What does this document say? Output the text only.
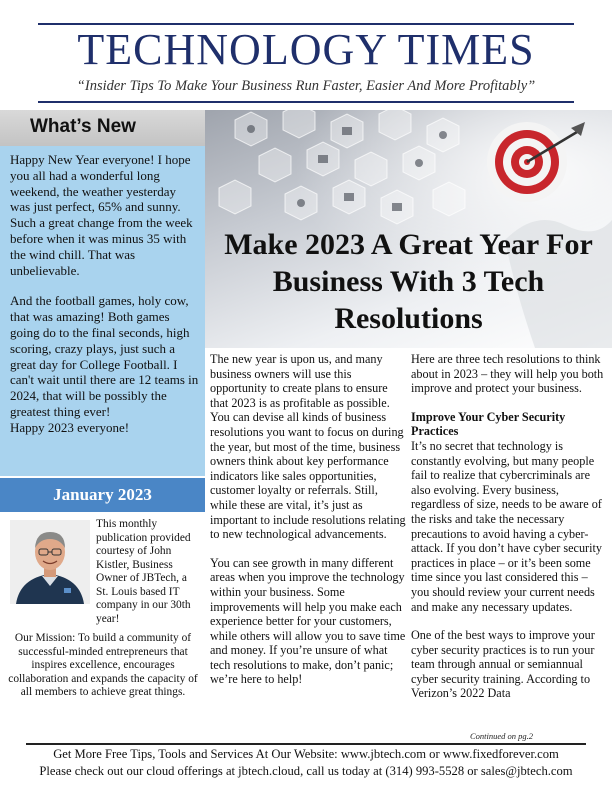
TECHNOLOGY TIMES
“Insider Tips To Make Your Business Run Faster, Easier And More Profitably”
What’s New

Happy New Year everyone! I hope you all had a wonderful long weekend, the weather yesterday was just perfect, 65% and sunny. Such a great change from the week before when it was minus 35 with the wind chill. That was unbelievable.

And the football games, holy cow, that was amazing! Both games going do to the final seconds, high scoring, crazy plays, just such a great day for College Football. I can't wait until there are 12 teams in 2024, that will be possibly the greatest thing ever!

Happy 2023 everyone!

January 2023
This monthly publication provided courtesy of John Kistler, Business Owner of JBTech, a St. Louis based IT company in our 30th year!
Our Mission: To build a community of successful-minded entrepreneurs that inspires excellence, encourages collaboration and expands the capacity of all members to achieve great things.
Make 2023 A Great Year For Business With 3 Tech Resolutions

The new year is upon us, and many business owners will use this opportunity to create plans to ensure that 2023 is as profitable as possible. You can devise all kinds of business resolutions you want to focus on during the year, but most of the time, business owners think about key performance indicators like sales opportunities, customer loyalty or referrals. Still, while these are vital, it’s just as important to include resolutions relating to new technological advancements.

You can see growth in many different areas when you improve the technology within your business. Some improvements will help you make each experience better for your customers, while others will allow you to save time and money. If you’re unsure of what tech resolutions to make, don’t panic; we’re here to help!

Here are three tech resolutions to think about in 2023 – they will help you both improve and protect your business.

Improve Your Cyber Security Practices

It’s no secret that technology is constantly evolving, but many people fail to realize that cybercriminals are also evolving. Every business, regardless of size, needs to be aware of the risks and take the necessary precautions to avoid having a cyber-attack. If you don’t have cyber security practices in place – or it’s been some time since you last considered this – you should review your current needs and make any necessary updates.

One of the best ways to improve your cyber security practices is to run your team through annual or semiannual cyber security training. According to Verizon’s 2022 Data

Continued on pg.2
Get More Free Tips, Tools and Services At Our Website: www.jbtech.com or www.fixedforever.com
Please check out our cloud offerings at jbtech.cloud, call us today at (314) 993-5528 or sales@jbtech.com
